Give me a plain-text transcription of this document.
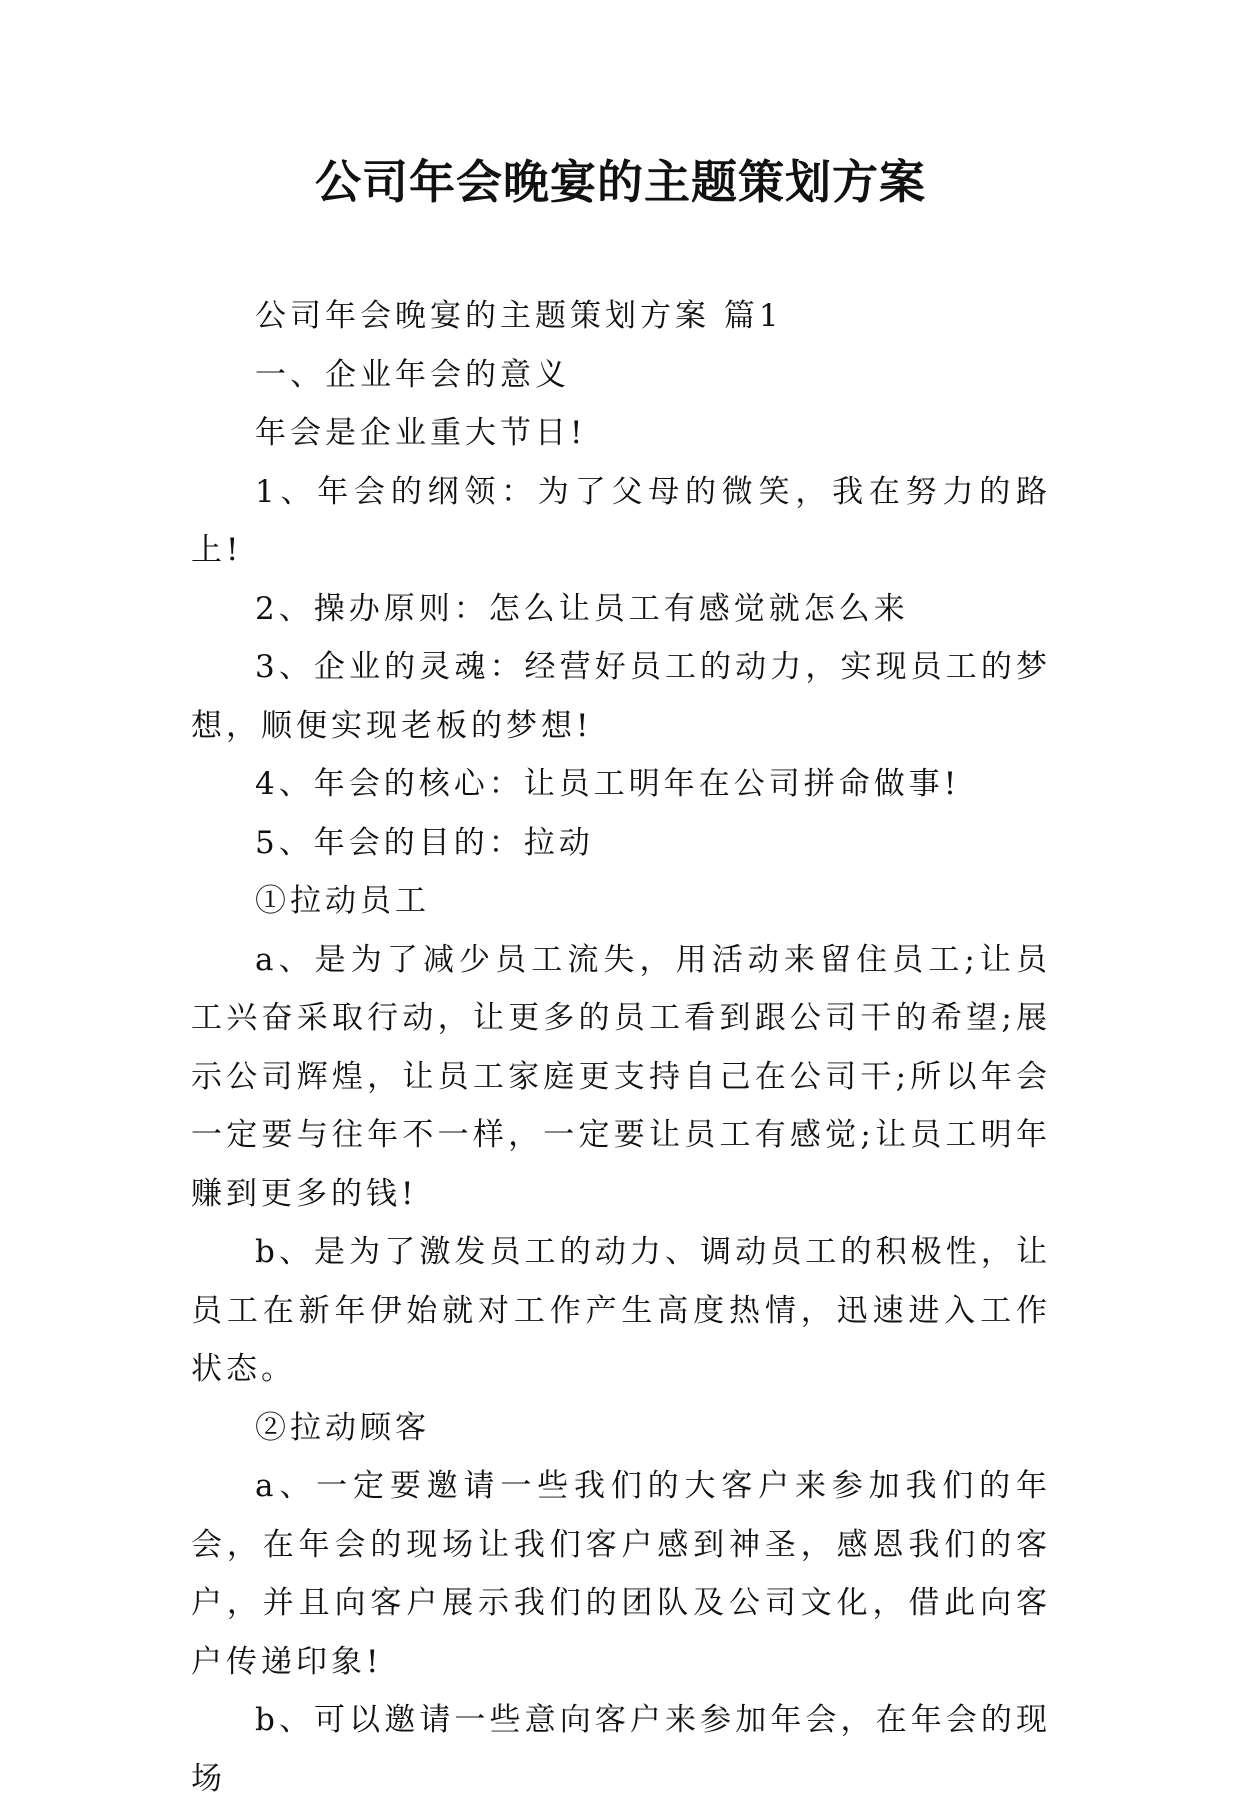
公司年会晚宴的主题策划方案

公司年会晚宴的主题策划方案 篇1

一、企业年会的意义

年会是企业重大节日!

1、年会的纲领：为了父母的微笑，我在努力的路上!

2、操办原则：怎么让员工有感觉就怎么来

3、企业的灵魂：经营好员工的动力，实现员工的梦想，顺便实现老板的梦想!

4、年会的核心：让员工明年在公司拼命做事!

5、年会的目的：拉动

①拉动员工

a、是为了减少员工流失，用活动来留住员工;让员工兴奋采取行动，让更多的员工看到跟公司干的希望;展示公司辉煌，让员工家庭更支持自己在公司干;所以年会一定要与往年不一样，一定要让员工有感觉;让员工明年赚到更多的钱!

b、是为了激发员工的动力、调动员工的积极性，让员工在新年伊始就对工作产生高度热情，迅速进入工作状态。

②拉动顾客

a、一定要邀请一些我们的大客户来参加我们的年会，在年会的现场让我们客户感到神圣，感恩我们的客户，并且向客户展示我们的团队及公司文化，借此向客户传递印象!

b、可以邀请一些意向客户来参加年会，在年会的现场
